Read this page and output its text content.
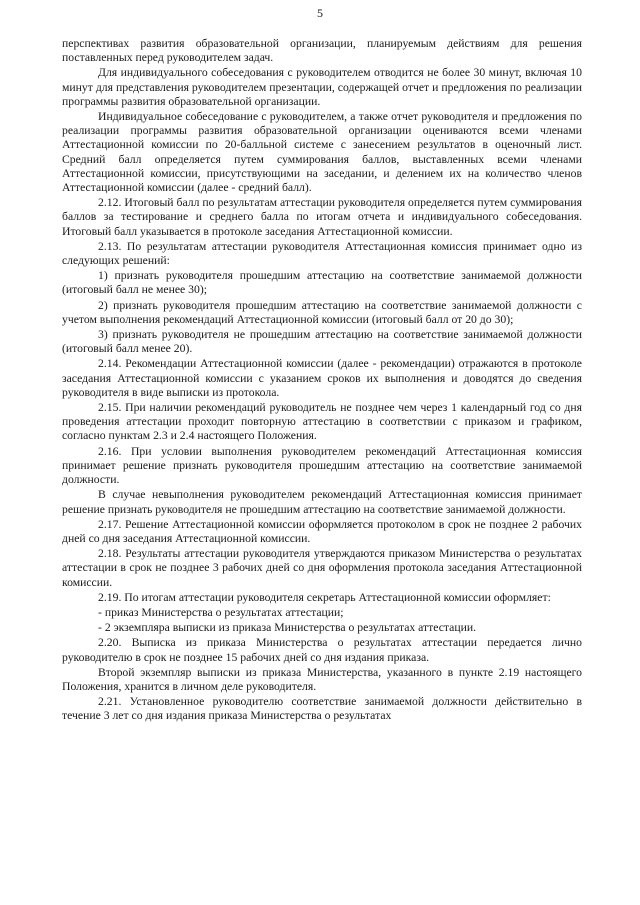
5

перспективах развития образовательной организации, планируемым действиям для решения поставленных перед руководителем задач.

Для индивидуального собеседования с руководителем отводится не более 30 минут, включая 10 минут для представления руководителем презентации, содержащей отчет и предложения по реализации программы развития образовательной организации.

Индивидуальное собеседование с руководителем, а также отчет руководителя и предложения по реализации программы развития образовательной организации оцениваются всеми членами Аттестационной комиссии по 20-балльной системе с занесением результатов в оценочный лист. Средний балл определяется путем суммирования баллов, выставленных всеми членами Аттестационной комиссии, присутствующими на заседании, и делением их на количество членов Аттестационной комиссии (далее - средний балл).

2.12. Итоговый балл по результатам аттестации руководителя определяется путем суммирования баллов за тестирование и среднего балла по итогам отчета и индивидуального собеседования. Итоговый балл указывается в протоколе заседания Аттестационной комиссии.

2.13. По результатам аттестации руководителя Аттестационная комиссия принимает одно из следующих решений:

1) признать руководителя прошедшим аттестацию на соответствие занимаемой должности (итоговый балл не менее 30);

2) признать руководителя прошедшим аттестацию на соответствие занимаемой должности с учетом выполнения рекомендаций Аттестационной комиссии (итоговый балл от 20 до 30);

3) признать руководителя не прошедшим аттестацию на соответствие занимаемой должности (итоговый балл менее 20).

2.14. Рекомендации Аттестационной комиссии (далее - рекомендации) отражаются в протоколе заседания Аттестационной комиссии с указанием сроков их выполнения и доводятся до сведения руководителя в виде выписки из протокола.

2.15. При наличии рекомендаций руководитель не позднее чем через 1 календарный год со дня проведения аттестации проходит повторную аттестацию в соответствии с приказом и графиком, согласно пунктам 2.3 и 2.4 настоящего Положения.

2.16. При условии выполнения руководителем рекомендаций Аттестационная комиссия принимает решение признать руководителя прошедшим аттестацию на соответствие занимаемой должности.

В случае невыполнения руководителем рекомендаций Аттестационная комиссия принимает решение признать руководителя не прошедшим аттестацию на соответствие занимаемой должности.

2.17. Решение Аттестационной комиссии оформляется протоколом в срок не позднее 2 рабочих дней со дня заседания Аттестационной комиссии.

2.18. Результаты аттестации руководителя утверждаются приказом Министерства о результатах аттестации в срок не позднее 3 рабочих дней со дня оформления протокола заседания Аттестационной комиссии.

2.19. По итогам аттестации руководителя секретарь Аттестационной комиссии оформляет:

- приказ Министерства о результатах аттестации;

- 2 экземпляра выписки из приказа Министерства о результатах аттестации.

2.20. Выписка из приказа Министерства о результатах аттестации передается лично руководителю в срок не позднее 15 рабочих дней со дня издания приказа.

Второй экземпляр выписки из приказа Министерства, указанного в пункте 2.19 настоящего Положения, хранится в личном деле руководителя.

2.21. Установленное руководителю соответствие занимаемой должности действительно в течение 3 лет со дня издания приказа Министерства о результатах
